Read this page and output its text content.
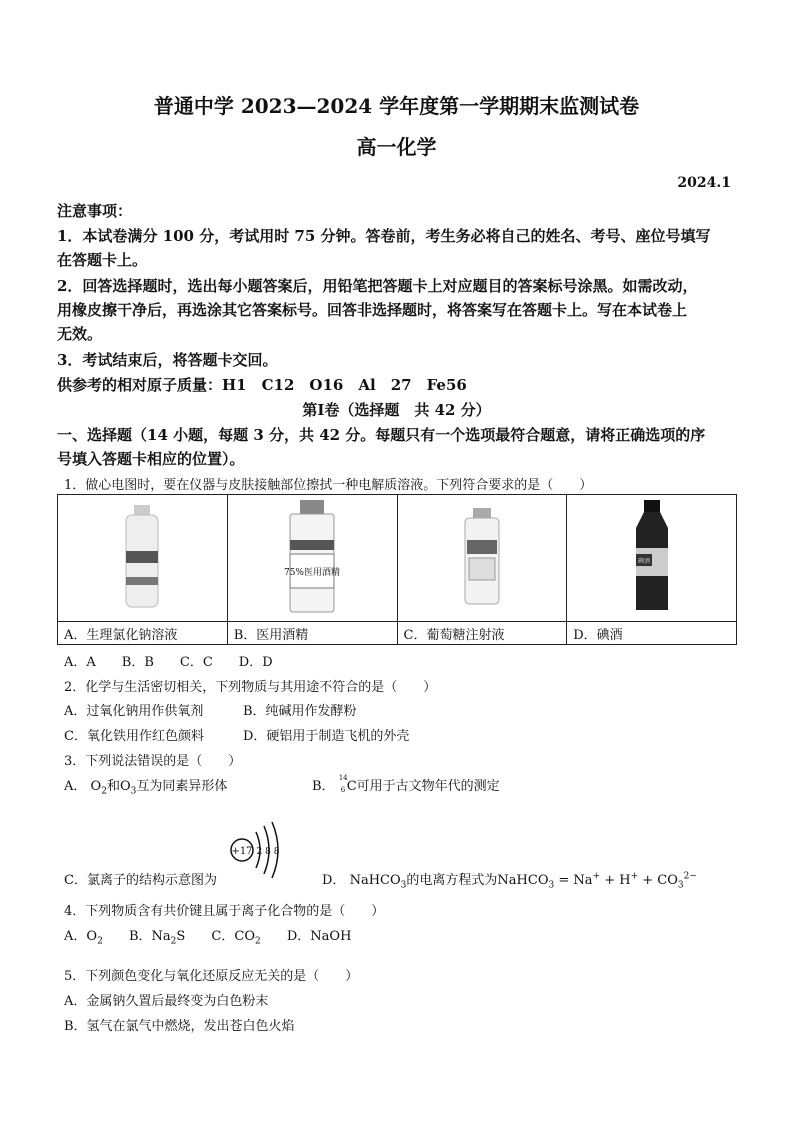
普通中学 2023—2024 学年度第一学期期末监测试卷
高一化学
2024.1
注意事项：
1．本试卷满分 100 分，考试用时 75 分钟。答卷前，考生务必将自己的姓名、考号、座位号填写
在答题卡上。
2．回答选择题时，选出每小题答案后，用铅笔把答题卡上对应题目的答案标号涂黑。如需改动，
用橡皮擦干净后，再选涂其它答案标号。回答非选择题时，将答案写在答题卡上。写在本试卷上
无效。
3．考试结束后，将答题卡交回。
供参考的相对原子质量：H1　C12　O16　Al　27　Fe56
第Ⅰ卷（选择题　共 42 分）
一、选择题（14 小题，每题 3 分，共 42 分。每题只有一个选项最符合题意，请将正确选项的序
号填入答题卡相应的位置）。
1．做心电图时，要在仪器与皮肤接触部位擦拭一种电解质溶液。下列符合要求的是（　　）

75%医用酒精		碘酒

A．生理氯化钠溶液	B．医用酒精	C．葡萄糖注射液	D．碘酒
A．A B．B C．C D．D
2．化学与生活密切相关，下列物质与其用途不符合的是（　　）
A．过氧化钠用作供氧剂	B．纯碱用作发酵粉
C．氧化铁用作红色颜料	D．硬铝用于制造飞机的外壳
3．下列说法错误的是（　　）
A． $O_2$和$O_3$互为同素异形体	B．
14
6 C可用于古文物年代的测定
+17 2 8 8
C．氯离子的结构示意图为	D． NaHCO$_3$的电离方程式为NaHCO$_3$ = $Na^+ + H^+ + CO_3^{2-}$
4．下列物质含有共价键且属于离子化合物的是（　　）
A．$O_2$ B．$Na_2S$ C．$CO_2$ D．NaOH
5．下列颜色变化与氧化还原反应无关的是（　　）
A．金属钠久置后最终变为白色粉末
B．氢气在氯气中燃烧，发出苍白色火焰
